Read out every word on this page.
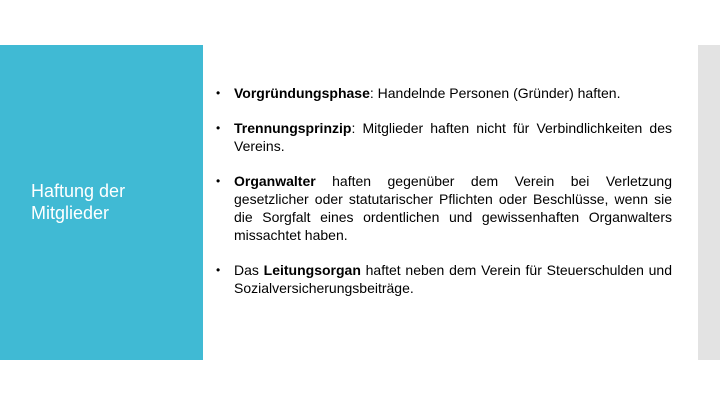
Haftung der Mitglieder

• Vorgründungsphase: Handelnde Personen (Gründer) haften.

• Trennungsprinzip: Mitglieder haften nicht für Verbindlichkeiten des Vereins.

• Organwalter haften gegenüber dem Verein bei Verletzung gesetzlicher oder statutarischer Pflichten oder Beschlüsse, wenn sie die Sorgfalt eines ordentlichen und gewissenhaften Organwalters missachtet haben.

• Das Leitungsorgan haftet neben dem Verein für Steuerschulden und Sozialversicherungsbeiträge.
